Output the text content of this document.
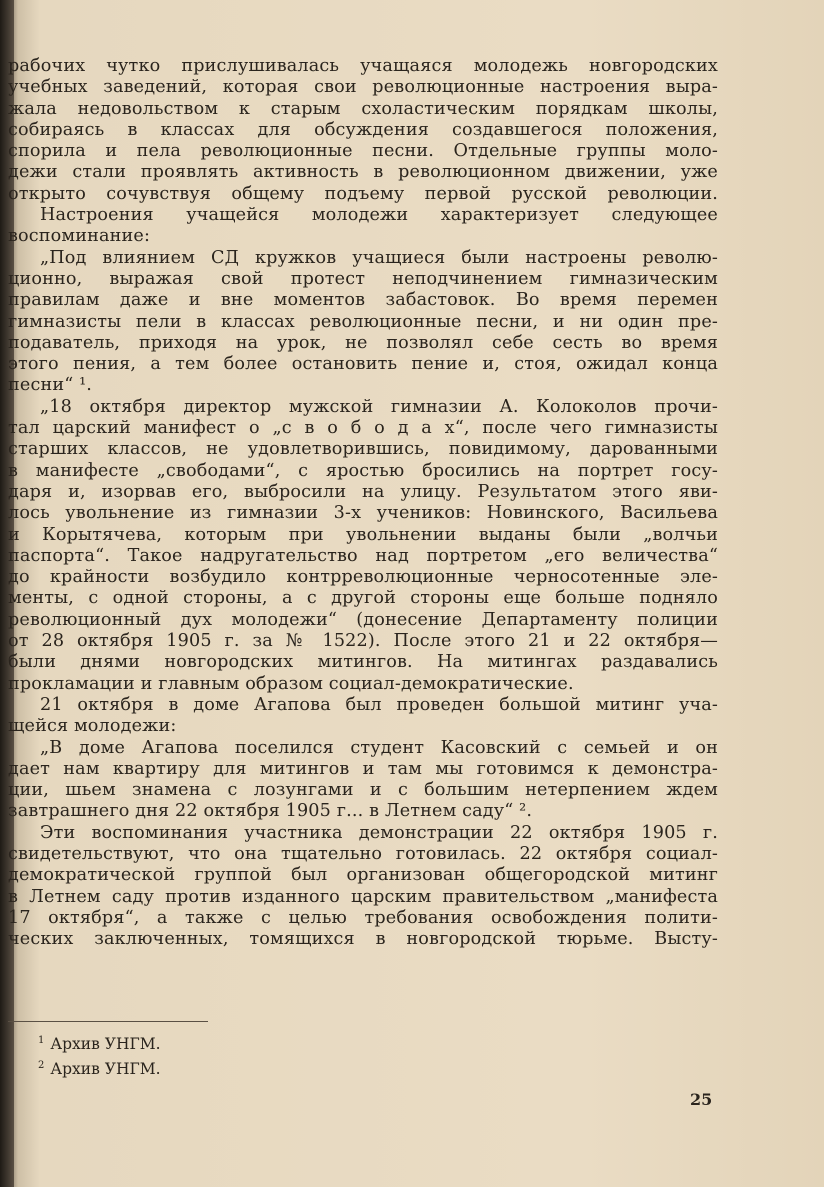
рабочих чутко прислушивалась учащаяся молодежь новгородских
учебных заведений, которая свои революционные настроения выра-
жала недовольством к старым схоластическим порядкам школы,
собираясь в классах для обсуждения создавшегося положения,
спорила и пела революционные песни. Отдельные группы моло-
дежи стали проявлять активность в революционном движении, уже
открыто сочувствуя общему подъему первой русской революции.
Настроения учащейся молодежи характеризует следующее
воспоминание:
„Под влиянием СД кружков учащиеся были настроены револю-
ционно, выражая свой протест неподчинением гимназическим
правилам даже и вне моментов забастовок. Во время перемен
гимназисты пели в классах революционные песни, и ни один пре-
подаватель, приходя на урок, не позволял себе сесть во время
этого пения, а тем более остановить пение и, стоя, ожидал конца
песни“ ¹.
„18 октября директор мужской гимназии А. Колоколов прочи-
тал царский манифест о „с в о б о д а х“, после чего гимназисты
старших классов, не удовлетворившись, повидимому, дарованными
в манифесте „свободами“, с яростью бросились на портрет госу-
даря и, изорвав его, выбросили на улицу. Результатом этого яви-
лось увольнение из гимназии 3-х учеников: Новинского, Васильева
и Корытячева, которым при увольнении выданы были „волчьи
паспорта“. Такое надругательство над портретом „его величества“
до крайности возбудило контрреволюционные черносотенные эле-
менты, с одной стороны, а с другой стороны еще больше подняло
революционный дух молодежи“ (донесение Департаменту полиции
от 28 октября 1905 г. за № 1522). После этого 21 и 22 октября—
были днями новгородских митингов. На митингах раздавались
прокламации и главным образом социал-демократические.
21 октября в доме Агапова был проведен большой митинг уча-
щейся молодежи:
„В доме Агапова поселился студент Касовский с семьей и он
дает нам квартиру для митингов и там мы готовимся к демонстра-
ции, шьем знамена с лозунгами и с большим нетерпением ждем
завтрашнего дня 22 октября 1905 г... в Летнем саду“ ².
Эти воспоминания участника демонстрации 22 октября 1905 г.
свидетельствуют, что она тщательно готовилась. 22 октября социал-
демократической группой был организован общегородской митинг
в Летнем саду против изданного царским правительством „манифеста
17 октября“, а также с целью требования освобождения полити-
ческих заключенных, томящихся в новгородской тюрьме. Высту-
$^1$ Архив УНГМ.
$^2$ Архив УНГМ.
25
